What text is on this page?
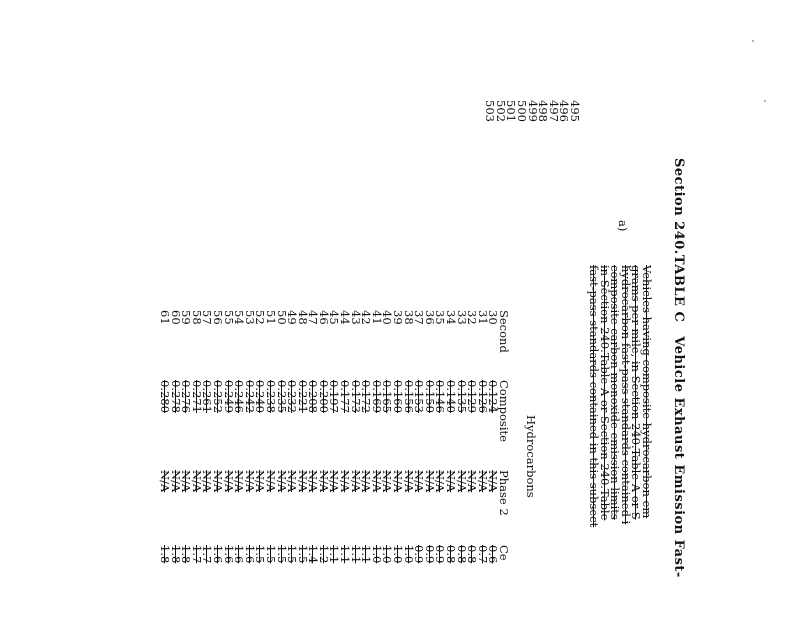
495
496
497
498
499
500
501
502
503
Section 240.TABLE CVehicle Exhaust Emission Fast-
a)
Vehicles having composite hydrocarbon em
grams per mile, in Section 240.Table A or S
hydrocarbon fast-pass standards contained i
composite carbon monoxide emission limits
in Section 240.Table A or Section 240.Table
fast-pass standards contained in this subsect
Hydrocarbons
SecondCompositePhase 2Ce
300.124N/A0.6
310.126N/A0.7
320.129N/A0.8
330.135N/A0.8
340.140N/A0.8
350.146N/A0.9
360.150N/A0.9
370.153N/A0.9
380.156N/A1.0
390.160N/A1.0
400.165N/A1.0
410.169N/A1.0
420.172N/A1.1
430.173N/A1.1
440.177N/A1.1
450.197N/A1.1
460.200N/A1.2
470.208N/A1.4
480.221N/A1.5
490.232N/A1.5
500.235N/A1.5
510.238N/A1.5
520.240N/A1.5
530.242N/A1.6
540.246N/A1.6
550.249N/A1.6
560.252N/A1.6
570.261N/A1.7
580.271N/A1.7
590.276N/A1.8
600.278N/A1.8
610.280N/A1.8
